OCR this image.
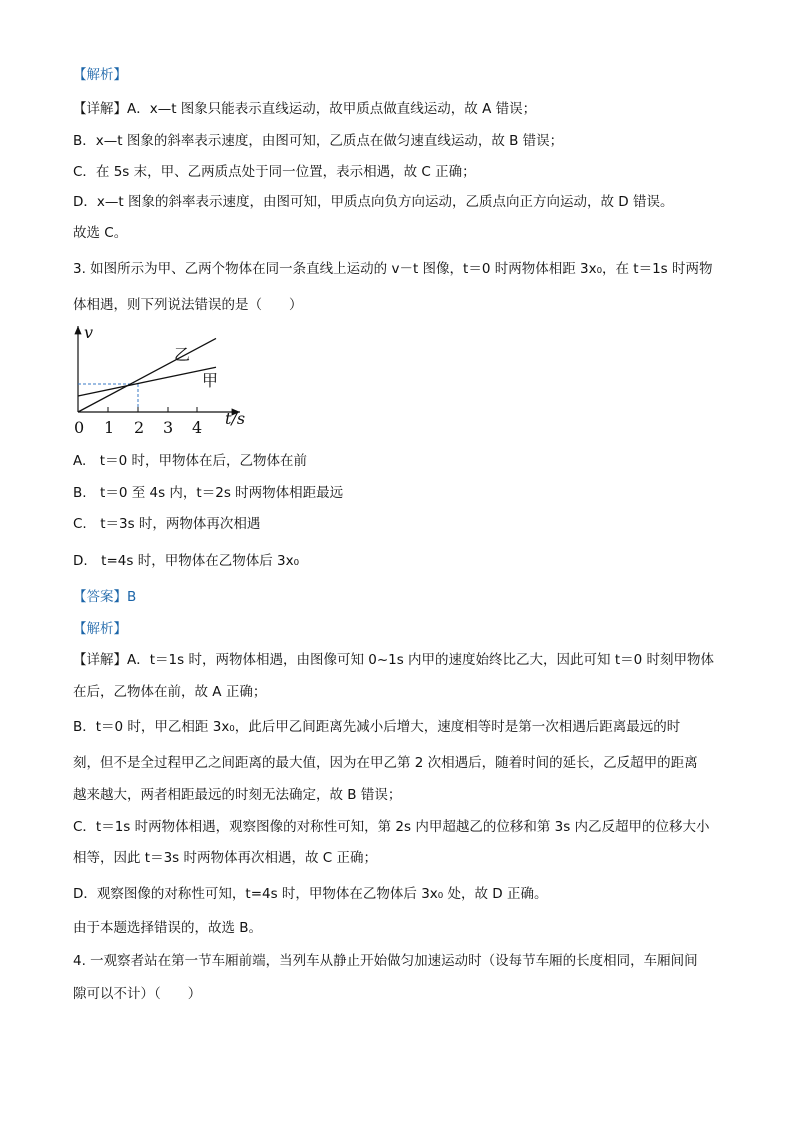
【解析】
【详解】A．x—t 图象只能表示直线运动，故甲质点做直线运动，故 A 错误；
B．x—t 图象的斜率表示速度，由图可知，乙质点在做匀速直线运动，故 B 错误；
C．在 5s 末，甲、乙两质点处于同一位置，表示相遇，故 C 正确；
D．x—t 图象的斜率表示速度，由图可知，甲质点向负方向运动，乙质点向正方向运动，故 D 错误。
故选 C。
3. 如图所示为甲、乙两个物体在同一条直线上运动的 v－t 图像，t＝0 时两物体相距 3x₀，在 t＝1s 时两物
体相遇，则下列说法错误的是（　　）
v
t/s
0 1 2 3 4
乙
甲
A.　t＝0 时，甲物体在后，乙物体在前
B.　t＝0 至 4s 内，t＝2s 时两物体相距最远
C.　t＝3s 时，两物体再次相遇
D.　t=4s 时，甲物体在乙物体后 3x₀
【答案】B
【解析】
【详解】A．t＝1s 时，两物体相遇，由图像可知 0~1s 内甲的速度始终比乙大，因此可知 t＝0 时刻甲物体
在后，乙物体在前，故 A 正确；
B．t＝0 时，甲乙相距 3x₀，此后甲乙间距离先减小后增大，速度相等时是第一次相遇后距离最远的时
刻，但不是全过程甲乙之间距离的最大值，因为在甲乙第 2 次相遇后，随着时间的延长，乙反超甲的距离
越来越大，两者相距最远的时刻无法确定，故 B 错误；
C．t＝1s 时两物体相遇，观察图像的对称性可知，第 2s 内甲超越乙的位移和第 3s 内乙反超甲的位移大小
相等，因此 t＝3s 时两物体再次相遇，故 C 正确；
D．观察图像的对称性可知，t=4s 时，甲物体在乙物体后 3x₀ 处，故 D 正确。
由于本题选择错误的，故选 B。
4. 一观察者站在第一节车厢前端，当列车从静止开始做匀加速运动时（设每节车厢的长度相同，车厢间间
隙可以不计）（　　）
